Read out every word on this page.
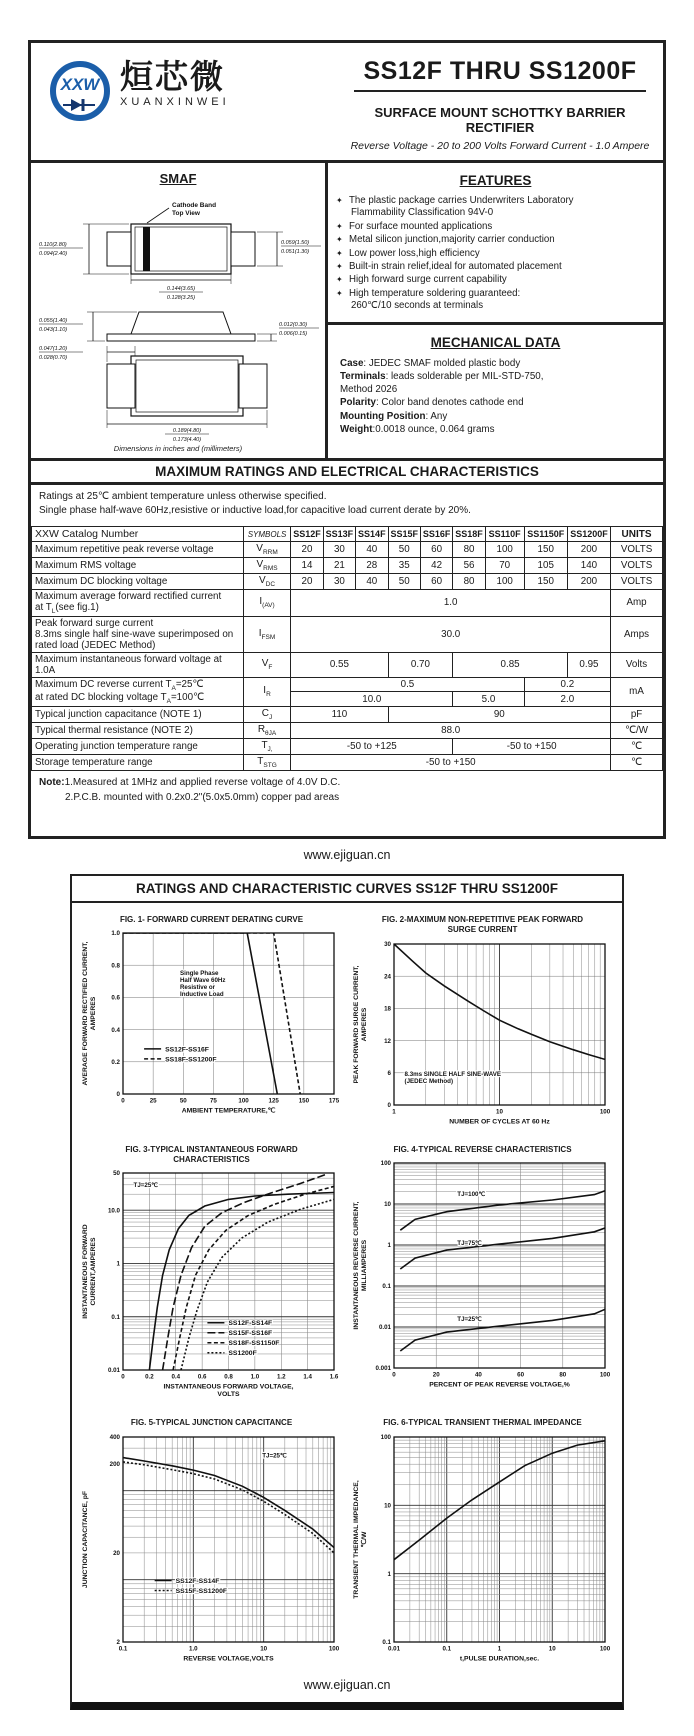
XXW 烜芯微
XUANXINWEI
SS12F THRU SS1200F
SURFACE MOUNT SCHOTTKY BARRIER RECTIFIER
Reverse Voltage - 20 to 200 Volts Forward Current - 1.0 Ampere
SMAF
Cathode Band
Top View
0.110(2.80)
0.094(2.40)
0.059(1.50)
0.051(1.30)
0.144(3.65)
0.128(3.25)
0.055(1.40)
0.043(1.10)
0.012(0.30)
0.006(0.15)
0.047(1.20)
0.028(0.70)
0.189(4.80)
0.173(4.40)
Dimensions in inches and (millimeters)
FEATURES
✦ The plastic package carries Underwriters Laboratory
Flammability Classification 94V-0
✦ For surface mounted applications
✦ Metal silicon junction,majority carrier conduction
✦ Low power loss,high efficiency
✦ Built-in strain relief,ideal for automated placement
✦ High forward surge current capability
✦ High temperature soldering guaranteed:
260℃/10 seconds at terminals
MECHANICAL DATA
Case: JEDEC SMAF molded plastic body
Terminals: leads solderable per MIL-STD-750,
Method 2026
Polarity: Color band denotes cathode end
Mounting Position: Any
Weight:0.0018 ounce, 0.064 grams
MAXIMUM RATINGS AND ELECTRICAL CHARACTERISTICS
Ratings at 25℃ ambient temperature unless otherwise specified.
Single phase half-wave 60Hz,resistive or inductive load,for capacitive load current derate by 20%.
XXW Catalog Number	SYMBOLS	SS12F	SS13F	SS14F	SS15F	SS16F	SS18F	SS110F	SS1150F	SS1200F	UNITS
Maximum repetitive peak reverse voltage	$V_{RRM}$	20	30	40	50	60	80	100	150	200	VOLTS
Maximum RMS voltage	$V_{RMS}$	14	21	28	35	42	56	70	105	140	VOLTS
Maximum DC blocking voltage	$V_{DC}$	20	30	40	50	60	80	100	150	200	VOLTS
Maximum average forward rectified current
at $T_L(see$ fig.1)	$I_{(AV)}$	1.0									Amp
Peak forward surge current
8.3ms single half sine-wave superimposed on
rated load (JEDEC Method)	$I_{FSM}$	30.0									Amps
Maximum instantaneous forward voltage at 1.0A	$V_F$	0.55			0.70		0.85			0.95	Volts
Maximum DC reverse current $T_A=25℃$
at rated DC blocking voltage $T_A=100℃$	$I_R$	0.5							0.2		mA
		10.0					5.0		2.0		
Typical junction capacitance (NOTE 1)	$C_J$	110			90						pF
Typical thermal resistance (NOTE 2)	$R_{\theta JA}$	88.0									℃/W
Operating junction temperature range	$T_{J,}$	-50 to +125					-50 to +150				℃
Storage temperature range	$T_{STG}$	-50 to +150									℃
Note:1.Measured at 1MHz and applied reverse voltage of 4.0V D.C.
2.P.C.B. mounted with 0.2x0.2"(5.0x5.0mm) copper pad areas
www.ejiguan.cn
RATINGS AND CHARACTERISTIC CURVES SS12F THRU SS1200F
FIG. 1- FORWARD CURRENT DERATING CURVE
0	25	50	75	100	125	150	175
0
0.2
0.4
0.6
0.8
1.0
AMBIENT TEMPERATURE,℃
AVERAGE FORWARD RECTIFIED CURRENT, AMPERES
SS12F-SS16F
SS18F-SS1200F
Single Phase
Half Wave 60Hz
Resistive or
Inductive Load
FIG. 2-MAXIMUM NON-REPETITIVE PEAK FORWARD
SURGE CURRENT
1	10	100
0
6
12
18
24
30
NUMBER OF CYCLES AT 60 Hz
PEAK FORWARD SURGE CURRENT, AMPERES
8.3ms SINGLE HALF SINE-WAVE
(JEDEC Method)
FIG. 3-TYPICAL INSTANTANEOUS FORWARD
CHARACTERISTICS
0	0.2	0.4	0.6	0.8	1.0	1.2	1.4	1.6
0.01
0.1
1
10.0
50
INSTANTANEOUS FORWARD VOLTAGE,
VOLTS
INSTANTANEOUS FORWARD CURRENT,AMPERES
SS12F-SS14F
SS15F-SS16F
SS18F-SS1150F
SS1200F
TJ=25℃
FIG. 4-TYPICAL REVERSE CHARACTERISTICS
0	20	40	60	80	100
0.001
0.01
0.1
1
10
100
PERCENT OF PEAK REVERSE VOLTAGE,%
INSTANTANEOUS REVERSE CURRENT, MILLIAMPERES
TJ=100℃
TJ=75℃
TJ=25℃
FIG. 5-TYPICAL JUNCTION CAPACITANCE
0.1	1.0	10	100
2
20
200
400
REVERSE VOLTAGE,VOLTS
JUNCTION CAPACITANCE, pF	SS12F-SS14F
SS15F-SS1200F
TJ=25℃
FIG. 6-TYPICAL TRANSIENT THERMAL IMPEDANCE
0.01	0.1	1	10	100
0.1
1
10
100
t,PULSE DURATION,sec.
TRANSIENT THERMAL IMPEDANCE, ℃/W
www.ejiguan.cn
